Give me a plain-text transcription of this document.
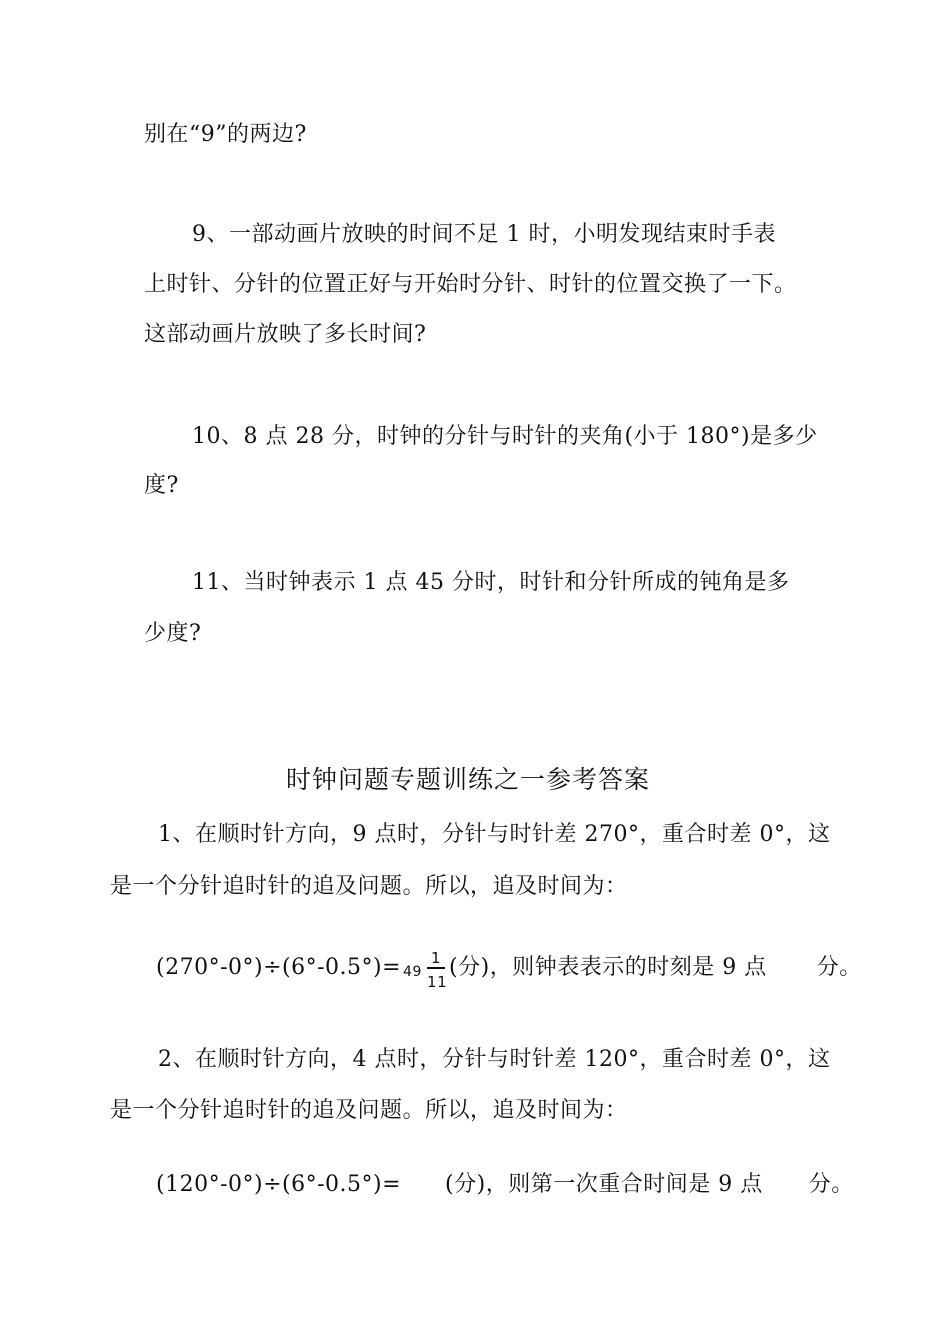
别在“9”的两边?
9、一部动画片放映的时间不足 1 时，小明发现结束时手表
上时针、分针的位置正好与开始时分针、时针的位置交换了一下。
这部动画片放映了多长时间?
10、8 点 28 分，时钟的分针与时针的夹角(小于 180°)是多少
度?
11、当时钟表示 1 点 45 分时，时针和分针所成的钝角是多
少度?
时钟问题专题训练之一参考答案
1、在顺时针方向，9 点时，分针与时针差 270°，重合时差 0°，这
是一个分针追时针的追及问题。所以，追及时间为：
(270°-0°)÷(6°-0.5°)= 49
1
11
(分)，则钟表表示的时刻是 9 点 分。
2、在顺时针方向，4 点时，分针与时针差 120°，重合时差 0°，这
是一个分针追时针的追及问题。所以，追及时间为：
(120°-0°)÷(6°-0.5°)= (分)，则第一次重合时间是 9 点 分。
